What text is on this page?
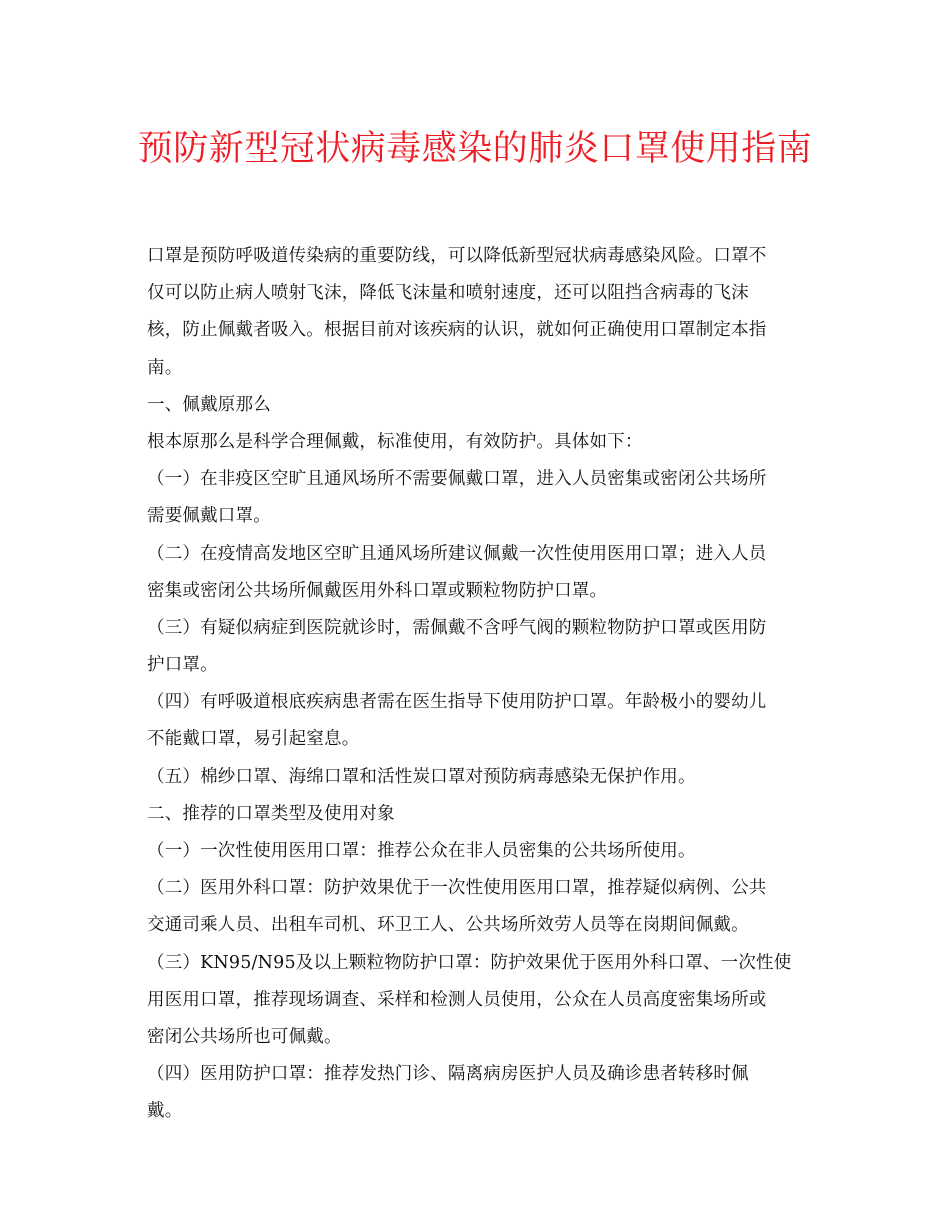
预防新型冠状病毒感染的肺炎口罩使用指南
口罩是预防呼吸道传染病的重要防线，可以降低新型冠状病毒感染风险。口罩不
仅可以防止病人喷射飞沫，降低飞沫量和喷射速度，还可以阻挡含病毒的飞沫
核，防止佩戴者吸入。根据目前对该疾病的认识，就如何正确使用口罩制定本指
南。
一、佩戴原那么
根本原那么是科学合理佩戴，标准使用，有效防护。具体如下：
（一）在非疫区空旷且通风场所不需要佩戴口罩，进入人员密集或密闭公共场所
需要佩戴口罩。
（二）在疫情高发地区空旷且通风场所建议佩戴一次性使用医用口罩；进入人员
密集或密闭公共场所佩戴医用外科口罩或颗粒物防护口罩。
（三）有疑似病症到医院就诊时，需佩戴不含呼气阀的颗粒物防护口罩或医用防
护口罩。
（四）有呼吸道根底疾病患者需在医生指导下使用防护口罩。年龄极小的婴幼儿
不能戴口罩，易引起窒息。
（五）棉纱口罩、海绵口罩和活性炭口罩对预防病毒感染无保护作用。
二、推荐的口罩类型及使用对象
（一）一次性使用医用口罩：推荐公众在非人员密集的公共场所使用。
（二）医用外科口罩：防护效果优于一次性使用医用口罩，推荐疑似病例、公共
交通司乘人员、出租车司机、环卫工人、公共场所效劳人员等在岗期间佩戴。
（三）KN95/N95及以上颗粒物防护口罩：防护效果优于医用外科口罩、一次性使
用医用口罩，推荐现场调查、采样和检测人员使用，公众在人员高度密集场所或
密闭公共场所也可佩戴。
（四）医用防护口罩：推荐发热门诊、隔离病房医护人员及确诊患者转移时佩
戴。
